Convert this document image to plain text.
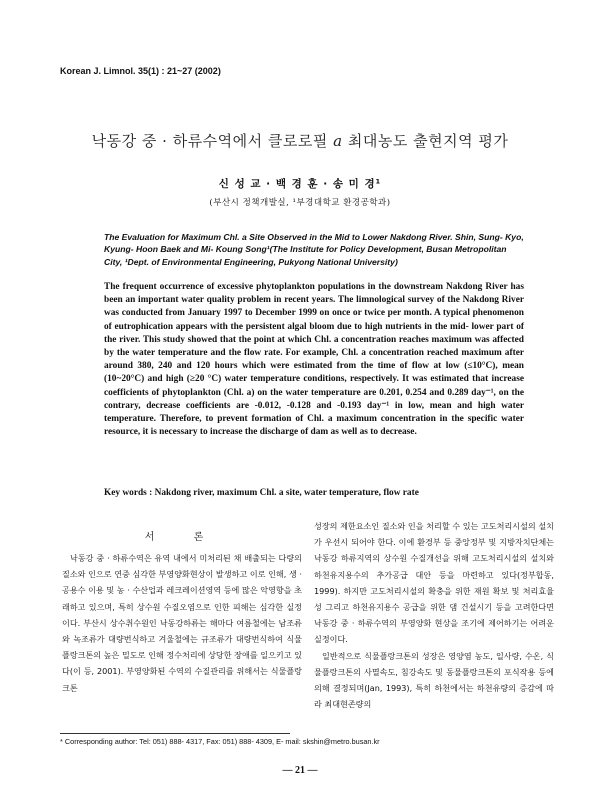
Korean J. Limnol. 35(1) : 21~27 (2002)
낙동강 중 · 하류수역에서 클로로필 a 최대농도 출현지역 평가
신 성 교 · 백 경 훈 · 송 미 경¹
(부산시 정책개발실, ¹부경대학교 환경공학과)
The Evaluation for Maximum Chl. a Site Observed in the Mid to Lower Nakdong River. Shin, Sung- Kyo, Kyung- Hoon Baek and Mi- Koung Song¹(The Institute for Policy Development, Busan Metropolitan City, ¹Dept. of Environmental Engineering, Pukyong National University)

The frequent occurrence of excessive phytoplankton populations in the downstream Nakdong River has been an important water quality problem in recent years. The limnological survey of the Nakdong River was conducted from January 1997 to December 1999 on once or twice per month. A typical phenomenon of eutrophication appears with the persistent algal bloom due to high nutrients in the mid- lower part of the river. This study showed that the point at which Chl. a concentration reaches maximum was affected by the water temperature and the flow rate. For example, Chl. a concentration reached maximum after around 380, 240 and 120 hours which were estimated from the time of flow at low (≤10°C), mean (10~20°C) and high (≥20 °C) water temperature conditions, respectively. It was estimated that increase coefficients of phytoplankton (Chl. a) on the water temperature are 0.201, 0.254 and 0.289 day⁻¹, on the contrary, decrease coefficients are -0.012, -0.128 and -0.193 day⁻¹ in low, mean and high water temperature. Therefore, to prevent formation of Chl. a maximum concentration in the specific water resource, it is necessary to increase the discharge of dam as well as to decrease.

Key words : Nakdong river, maximum Chl. a site, water temperature, flow rate
서 론

낙동강 중 · 하류수역은 유역 내에서 미처리된 채 배출되는 다량의 질소와 인으로 연중 심각한 부영양화현상이 발생하고 이로 인해, 생 · 공용수 이용 및 농 · 수산업과 레크레이션영역 등에 많은 악영향을 초래하고 있으며, 특히 상수원 수질오염으로 인한 피해는 심각한 실정이다. 부산시 상수취수원인 낙동강하류는 해마다 여름철에는 남조류와 녹조류가 대량번식하고 겨울철에는 규조류가 대량번식하여 식물플랑크톤의 높은 밀도로 인해 정수처리에 상당한 장애를 일으키고 있다(이 등, 2001). 부영양화된 수역의 수질관리를 위해서는 식물플랑크톤

성장의 제한요소인 질소와 인을 처리할 수 있는 고도처리시설의 설치가 우선시 되어야 한다. 이에 환경부 등 중앙정부 및 지방자치단체는 낙동강 하류지역의 상수원 수질개선을 위해 고도처리시설의 설치와 하천유지용수의 추가공급 대안 등을 마련하고 있다(정부합동, 1999). 하지만 고도처리시설의 확충을 위한 재원 확보 및 처리효율성 그리고 하천유지용수 공급을 위한 댐 건설시기 등을 고려한다면 낙동강 중 · 하류수역의 부영양화 현상을 조기에 제어하기는 어려운 실정이다.

일반적으로 식물플랑크톤의 성장은 영양염 농도, 일사량, 수온, 식물플랑크톤의 사멸속도, 침강속도 및 동물플랑크톤의 포식작용 등에 의해 결정되며(Jan, 1993), 특히 하천에서는 하천유량의 증감에 따라 최대현존량의

* Corresponding author: Tel: 051) 888- 4317, Fax: 051) 888- 4309, E- mail: skshin@metro.busan.kr
— 21 —
